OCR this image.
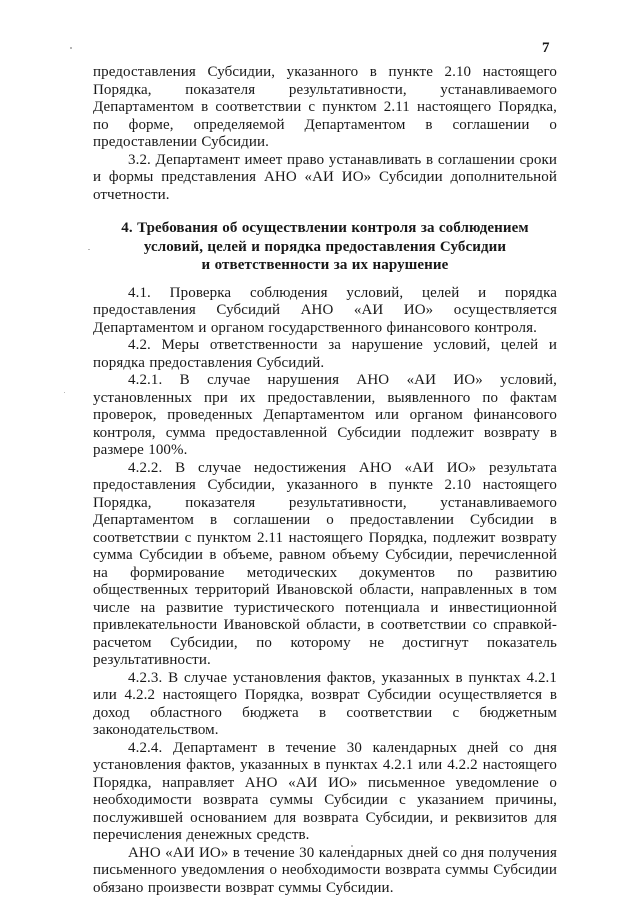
7

предоставления Субсидии, указанного в пункте 2.10 настоящего Порядка, показателя результативности, устанавливаемого Департаментом в соответствии с пунктом 2.11 настоящего Порядка, по форме, определяемой Департаментом в соглашении о предоставлении Субсидии.

3.2. Департамент имеет право устанавливать в соглашении сроки и формы представления АНО «АИ ИО» Субсидии дополнительной отчетности.

4. Требования об осуществлении контроля за соблюдением
условий, целей и порядка предоставления Субсидии
и ответственности за их нарушение

4.1. Проверка соблюдения условий, целей и порядка предоставления Субсидий АНО «АИ ИО» осуществляется Департаментом и органом государственного финансового контроля.

4.2. Меры ответственности за нарушение условий, целей и порядка предоставления Субсидий.

4.2.1. В случае нарушения АНО «АИ ИО» условий, установленных при их предоставлении, выявленного по фактам проверок, проведенных Департаментом или органом финансового контроля, сумма предоставленной Субсидии подлежит возврату в размере 100%.

4.2.2. В случае недостижения АНО «АИ ИО» результата предоставления Субсидии, указанного в пункте 2.10 настоящего Порядка, показателя результативности, устанавливаемого Департаментом в соглашении о предоставлении Субсидии в соответствии с пунктом 2.11 настоящего Порядка, подлежит возврату сумма Субсидии в объеме, равном объему Субсидии, перечисленной на формирование методических документов по развитию общественных территорий Ивановской области, направленных в том числе на развитие туристического потенциала и инвестиционной привлекательности Ивановской области, в соответствии со справкой-расчетом Субсидии, по которому не достигнут показатель результативности.

4.2.3. В случае установления фактов, указанных в пунктах 4.2.1 или 4.2.2 настоящего Порядка, возврат Субсидии осуществляется в доход областного бюджета в соответствии с бюджетным законодательством.

4.2.4. Департамент в течение 30 календарных дней со дня установления фактов, указанных в пунктах 4.2.1 или 4.2.2 настоящего Порядка, направляет АНО «АИ ИО» письменное уведомление о необходимости возврата суммы Субсидии с указанием причины, послужившей основанием для возврата Субсидии, и реквизитов для перечисления денежных средств.

АНО «АИ ИО» в течение 30 календарных дней со дня получения письменного уведомления о необходимости возврата суммы Субсидии обязано произвести возврат суммы Субсидии.
